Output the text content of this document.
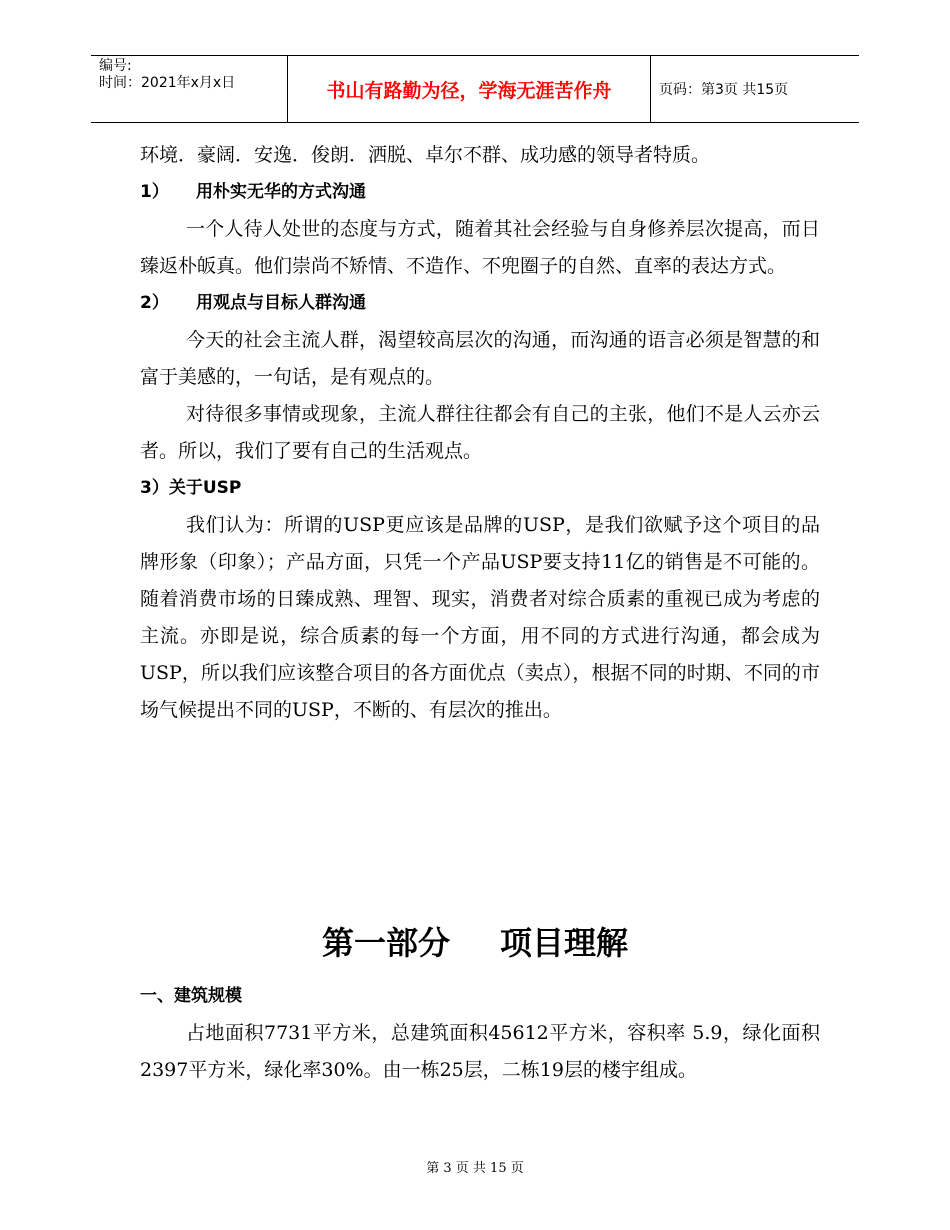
编号:
时间：2021年x月x日	书山有路勤为径，学海无涯苦作舟	页码：第3页 共15页

环境．豪阔．安逸．俊朗．洒脱、卓尔不群、成功感的领导者特质。

1） 用朴实无华的方式沟通

一个人待人处世的态度与方式，随着其社会经验与自身修养层次提高，而日臻返朴皈真。他们崇尚不矫情、不造作、不兜圈子的自然、直率的表达方式。

2） 用观点与目标人群沟通

今天的社会主流人群，渴望较高层次的沟通，而沟通的语言必须是智慧的和富于美感的，一句话，是有观点的。

对待很多事情或现象，主流人群往往都会有自己的主张，他们不是人云亦云者。所以，我们了要有自己的生活观点。

3）关于USP

我们认为：所谓的USP更应该是品牌的USP，是我们欲赋予这个项目的品牌形象（印象）；产品方面，只凭一个产品USP要支持11亿的销售是不可能的。随着消费市场的日臻成熟、理智、现实，消费者对综合质素的重视已成为考虑的主流。亦即是说，综合质素的每一个方面，用不同的方式进行沟通，都会成为USP，所以我们应该整合项目的各方面优点（卖点），根据不同的时期、不同的市场气候提出不同的USP，不断的、有层次的推出。

第一部分 项目理解

一、建筑规模

占地面积7731平方米，总建筑面积45612平方米，容积率 5.9，绿化面积2397平方米，绿化率30%。由一栋25层，二栋19层的楼宇组成。

第 3 页 共 15 页
